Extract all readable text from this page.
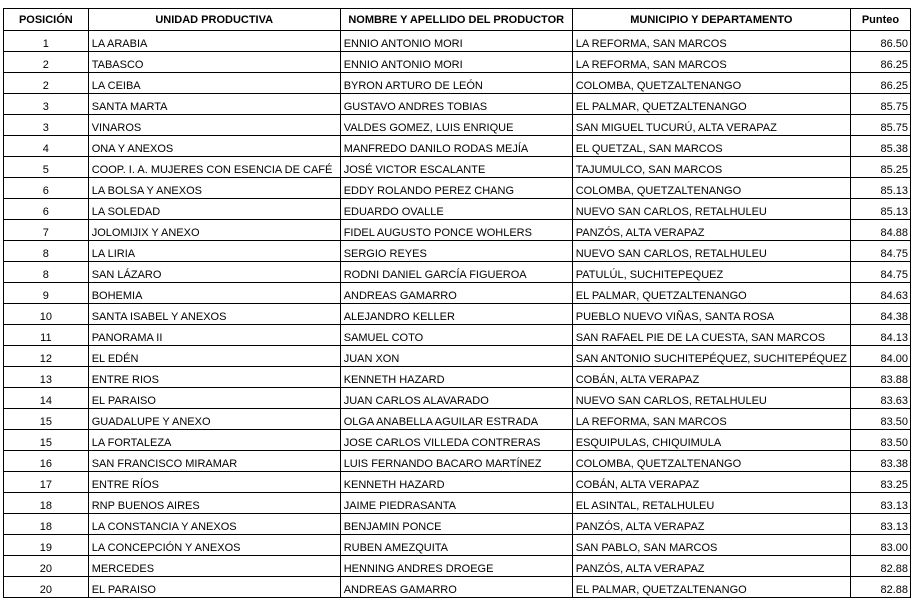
POSICIÓN	UNIDAD PRODUCTIVA	NOMBRE Y APELLIDO DEL PRODUCTOR	MUNICIPIO Y DEPARTAMENTO	Punteo
1	LA ARABIA	ENNIO ANTONIO MORI	LA REFORMA, SAN MARCOS	86.50
2	TABASCO	ENNIO ANTONIO MORI	LA REFORMA, SAN MARCOS	86.25
2	LA CEIBA	BYRON ARTURO DE LEÓN	COLOMBA, QUETZALTENANGO	86.25
3	SANTA MARTA	GUSTAVO ANDRES TOBIAS	EL PALMAR, QUETZALTENANGO	85.75
3	VINAROS	VALDES GOMEZ, LUIS ENRIQUE	SAN MIGUEL TUCURÚ, ALTA VERAPAZ	85.75
4	ONA Y ANEXOS	MANFREDO DANILO RODAS MEJÍA	EL QUETZAL, SAN MARCOS	85.38
5	COOP. I. A. MUJERES CON ESENCIA DE CAFÉ	JOSÉ VICTOR ESCALANTE	TAJUMULCO, SAN MARCOS	85.25
6	LA BOLSA Y ANEXOS	EDDY ROLANDO PEREZ CHANG	COLOMBA, QUETZALTENANGO	85.13
6	LA SOLEDAD	EDUARDO OVALLE	NUEVO SAN CARLOS, RETALHULEU	85.13
7	JOLOMIJIX Y ANEXO	FIDEL AUGUSTO PONCE WOHLERS	PANZÓS, ALTA VERAPAZ	84.88
8	LA LIRIA	SERGIO REYES	NUEVO SAN CARLOS, RETALHULEU	84.75
8	SAN LÁZARO	RODNI DANIEL GARCÍA FIGUEROA	PATULÚL, SUCHITEPEQUEZ	84.75
9	BOHEMIA	ANDREAS GAMARRO	EL PALMAR, QUETZALTENANGO	84.63
10	SANTA ISABEL Y ANEXOS	ALEJANDRO KELLER	PUEBLO NUEVO VIÑAS, SANTA ROSA	84.38
11	PANORAMA II	SAMUEL COTO	SAN RAFAEL PIE DE LA CUESTA, SAN MARCOS	84.13
12	EL EDÉN	JUAN XON	SAN ANTONIO SUCHITEPÉQUEZ, SUCHITEPÉQUEZ	84.00
13	ENTRE RIOS	KENNETH HAZARD	COBÁN, ALTA VERAPAZ	83.88
14	EL PARAISO	JUAN CARLOS ALAVARADO	NUEVO SAN CARLOS, RETALHULEU	83.63
15	GUADALUPE Y ANEXO	OLGA ANABELLA AGUILAR ESTRADA	LA REFORMA, SAN MARCOS	83.50
15	LA FORTALEZA	JOSE CARLOS VILLEDA CONTRERAS	ESQUIPULAS, CHIQUIMULA	83.50
16	SAN FRANCISCO MIRAMAR	LUIS FERNANDO BACARO MARTÍNEZ	COLOMBA, QUETZALTENANGO	83.38
17	ENTRE RÍOS	KENNETH HAZARD	COBÁN, ALTA VERAPAZ	83.25
18	RNP BUENOS AIRES	JAIME PIEDRASANTA	EL ASINTAL, RETALHULEU	83.13
18	LA CONSTANCIA Y ANEXOS	BENJAMIN PONCE	PANZÓS, ALTA VERAPAZ	83.13
19	LA CONCEPCIÓN Y ANEXOS	RUBEN AMEZQUITA	SAN PABLO, SAN MARCOS	83.00
20	MERCEDES	HENNING ANDRES DROEGE	PANZÓS, ALTA VERAPAZ	82.88
20	EL PARAISO	ANDREAS GAMARRO	EL PALMAR, QUETZALTENANGO	82.88
